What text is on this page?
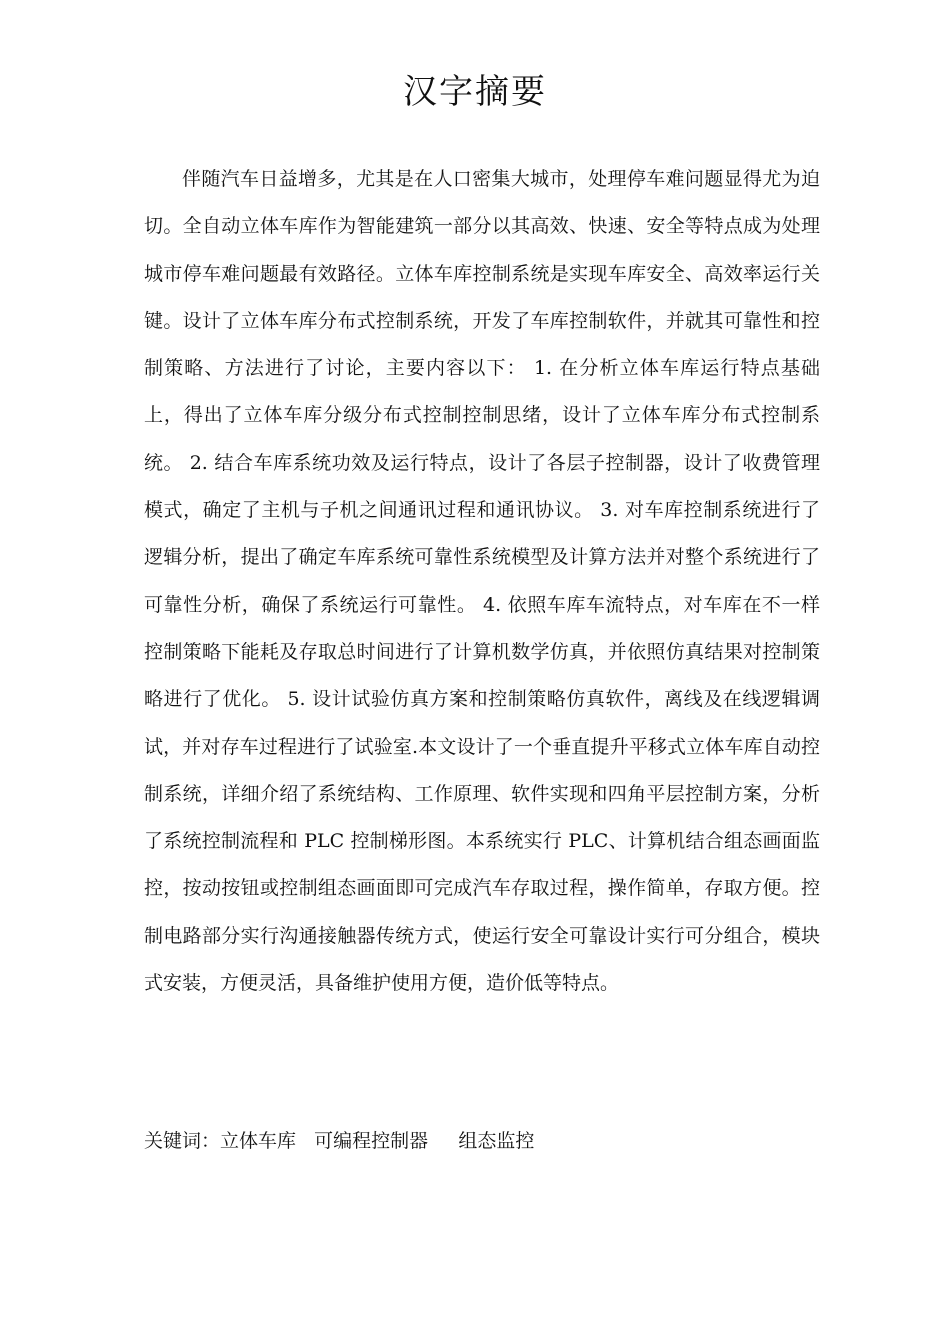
汉字摘要

伴随汽车日益增多，尤其是在人口密集大城市，处理停车难问题显得尤为迫切。全自动立体车库作为智能建筑一部分以其高效、快速、安全等特点成为处理城市停车难问题最有效路径。立体车库控制系统是实现车库安全、高效率运行关键。设计了立体车库分布式控制系统，开发了车库控制软件，并就其可靠性和控制策略、方法进行了讨论，主要内容以下： 1. 在分析立体车库运行特点基础上，得出了立体车库分级分布式控制控制思绪，设计了立体车库分布式控制系统。 2. 结合车库系统功效及运行特点，设计了各层子控制器，设计了收费管理模式，确定了主机与子机之间通讯过程和通讯协议。 3. 对车库控制系统进行了逻辑分析，提出了确定车库系统可靠性系统模型及计算方法并对整个系统进行了可靠性分析，确保了系统运行可靠性。 4. 依照车库车流特点，对车库在不一样控制策略下能耗及存取总时间进行了计算机数学仿真，并依照仿真结果对控制策略进行了优化。 5. 设计试验仿真方案和控制策略仿真软件，离线及在线逻辑调试，并对存车过程进行了试验室.本文设计了一个垂直提升平移式立体车库自动控制系统，详细介绍了系统结构、工作原理、软件实现和四角平层控制方案，分析了系统控制流程和 PLC 控制梯形图。本系统实行 PLC、计算机结合组态画面监控，按动按钮或控制组态画面即可完成汽车存取过程，操作简单，存取方便。控制电路部分实行沟通接触器传统方式，使运行安全可靠设计实行可分组合，模块式安装，方便灵活，具备维护使用方便，造价低等特点。

关键词：立体车库   可编程控制器     组态监控
